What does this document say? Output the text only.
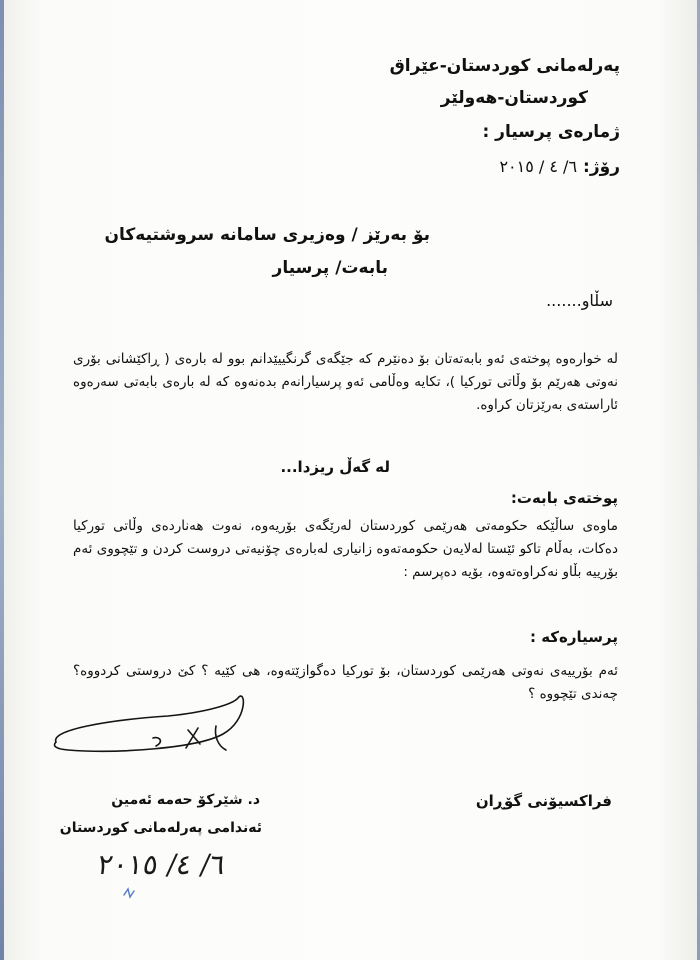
پەرلەمانی کوردستان-عێراق
کوردستان-هەولێر
ژمارەی پرسیار :
رۆژ:٦/ ٤ / ٢٠١٥
بۆ بەرێز / وەزیری سامانە سروشتیەکان
بابەت/ پرسیار
سڵاو.......
لە خوارەوە پوختەی ئەو بابەتەتان بۆ دەنێرم کە جێگەی گرنگییێدانم بوو لە بارەی ( ڕاکێشانی بۆری نەوتی هەرێم بۆ وڵاتی تورکیا )، تکایە وەڵامی ئەو پرسیارانەم بدەنەوە کە لە بارەی بابەتی سەرەوە ئاراستەی بەرێزتان کراوە.
لە گەڵ ریزدا...
پوختەی بابەت:
ماوەی ساڵێکە حکومەتی هەرێمی کوردستان لەرێگەی بۆریەوە، نەوت هەناردەی وڵاتی تورکیا دەکات، بەڵام تاکو ئێستا لەلایەن حکومەتەوە زانیاری لەبارەی چۆنیەتی دروست کردن و تێچووی ئەم بۆرییە بڵاو نەکراوەتەوە، بۆیە دەپرسم :
پرسیارەکە :
ئەم بۆرییەی نەوتی هەرێمی کوردستان، بۆ تورکیا دەگوازێتەوە، هی کێیە ؟ کێ دروستی کردووە؟ چەندی تێچووە ؟
فراکسیۆنی گۆڕان
د. شێرکۆ حەمە ئەمین
ئەندامی پەرلەمانی کوردستان
٦/ ٤/ ٢٠١٥
